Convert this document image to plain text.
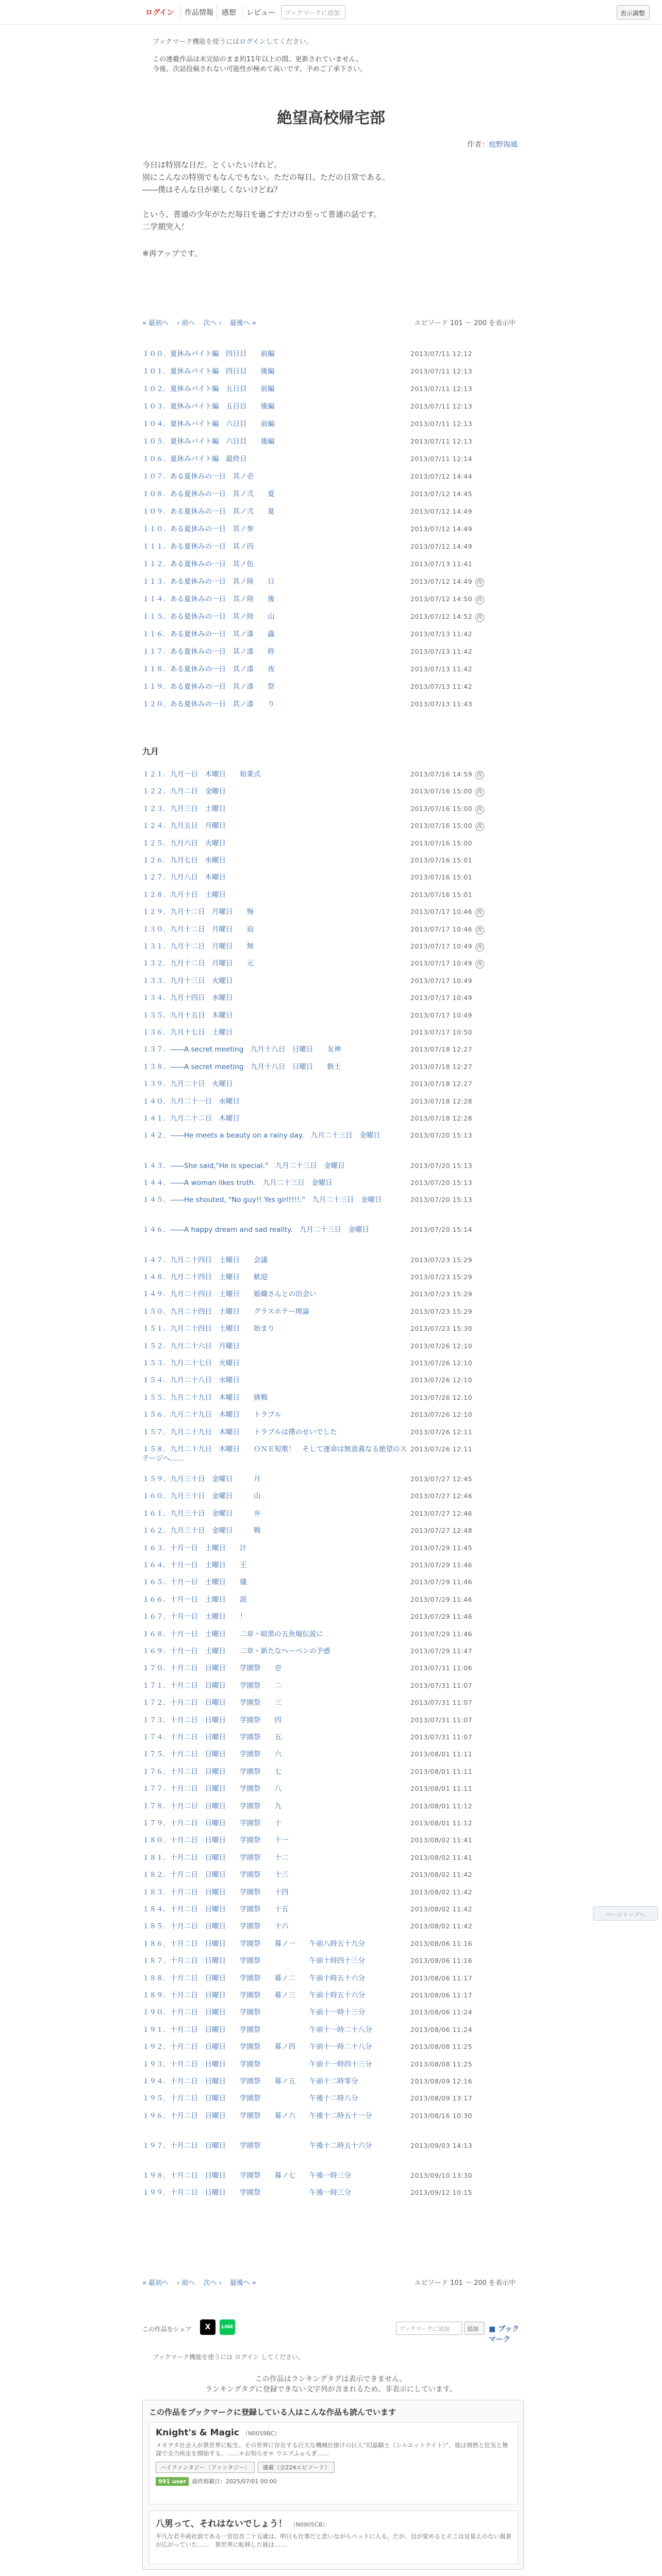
ログイン 作品情報 感想 レビュー	ブックマークに追加	表示調整
ブックマーク機能を使うにはログインしてください。
この連載作品は未完結のまま約11年以上の間、更新されていません。
今後、次話投稿されない可能性が極めて高いです。予めご了承下さい。
絶望高校帰宅部
作者：庭野海風

今日は特別な日だ。とくいたいけれど。
別にこんなの特別でもなんでもない。ただの毎日。ただの日常である。
――僕はそんな日が楽しくないけどね？

という、普通の少年がただ毎日を過ごすだけの至って普通の話です。
二学期突入！

※再アップです。

« 最初へ ‹ 前へ 次へ › 最後へ »	エピソード 101 ～ 200 を表示中
１００．夏休みバイト編　四日目　　前編	2013/07/11 12:12
１０１．夏休みバイト編　四日目　　後編	2013/07/11 12:13
１０２．夏休みバイト編　五日目　　前編	2013/07/11 12:13
１０３．夏休みバイト編　五日目　　後編	2013/07/11 12:13
１０４．夏休みバイト編　六日目　　前編	2013/07/11 12:13
１０５．夏休みバイト編　六日目　　後編	2013/07/11 12:13
１０６．夏休みバイト編　最終日	2013/07/11 12:14
１０７．ある夏休みの一日　其ノ壱	2013/07/12 14:44
１０８．ある夏休みの一日　其ノ弐　　夏	2013/07/12 14:45
１０９．ある夏休みの一日　其ノ弐　　夏	2013/07/12 14:49
１１０．ある夏休みの一日　其ノ参	2013/07/12 14:49
１１１．ある夏休みの一日　其ノ四	2013/07/12 14:49
１１２．ある夏休みの一日　其ノ伍	2013/07/13 11:41
１１３．ある夏休みの一日　其ノ陸　　日	2013/07/12 14:49 改
１１４．ある夏休みの一日　其ノ陸　　後	2013/07/12 14:50 改
１１５．ある夏休みの一日　其ノ陸　　山	2013/07/12 14:52 改
１１６．ある夏休みの一日　其ノ漆　　蟲	2013/07/13 11:42
１１７．ある夏休みの一日　其ノ漆　　終	2013/07/13 11:42
１１８．ある夏休みの一日　其ノ漆　　夜	2013/07/13 11:42
１１９．ある夏休みの一日　其ノ漆　　祭	2013/07/13 11:42
１２０．ある夏休みの一日　其ノ漆　　り	2013/07/13 11:43
九月
１２１．九月一日　木曜日　　始業式	2013/07/16 14:59 改
１２２．九月二日　金曜日	2013/07/16 15:00 改
１２３．九月三日　土曜日	2013/07/16 15:00 改
１２４．九月五日　月曜日	2013/07/16 15:00 改
１２５．九月六日　火曜日	2013/07/16 15:00
１２６．九月七日　水曜日	2013/07/16 15:01
１２７．九月八日　木曜日	2013/07/16 15:01
１２８．九月十日　土曜日	2013/07/16 15:01
１２９．九月十二日　月曜日　　悔	2013/07/17 10:46 改
１３０．九月十二日　月曜日　　迫	2013/07/17 10:46 改
１３１．九月十二日　月曜日　　無	2013/07/17 10:49 改
１３２．九月十二日　月曜日　　元	2013/07/17 10:49 改
１３３．九月十三日　火曜日	2013/07/17 10:49
１３４．九月十四日　水曜日	2013/07/17 10:49
１３５．九月十五日　木曜日	2013/07/17 10:49
１３６．九月十七日　土曜日	2013/07/17 10:50
１３７．――A secret meeting　九月十八日　日曜日　　友神	2013/07/18 12:27
１３８．――A secret meeting　九月十八日　日曜日　　骸士	2013/07/18 12:27
１３９．九月二十日　火曜日	2013/07/18 12:27
１４０．九月二十一日　水曜日	2013/07/18 12:28
１４１．九月二十二日　木曜日	2013/07/18 12:28
１４２．――He meets a beauty on a rainy day.　九月二十三日　金曜日	2013/07/20 15:13
１４３．――She said,"He is special."　九月二十三日　金曜日	2013/07/20 15:13
１４４．――A woman likes truth.　九月二十三日　金曜日	2013/07/20 15:13
１４５．――He shouted, "No guy!! Yes girl!!!!."　九月二十三日　金曜日	2013/07/20 15:13
１４６．――A happy dream and sad reality.　九月二十三日　金曜日	2013/07/20 15:14
１４７．九月二十四日　土曜日　　会議	2013/07/23 15:29
１４８．九月二十四日　土曜日　　歓迎	2013/07/23 15:29
１４９．九月二十四日　土曜日　　姫織さんとの出会い	2013/07/23 15:29
１５０．九月二十四日　土曜日　　グラスホテー理論	2013/07/23 15:29
１５１．九月二十四日　土曜日　　始まり	2013/07/23 15:30
１５２．九月二十六日　月曜日	2013/07/26 12:10
１５３．九月二十七日　火曜日	2013/07/26 12:10
１５４．九月二十八日　水曜日	2013/07/26 12:10
１５５．九月二十九日　木曜日　　挑戦	2013/07/26 12:10
１５６．九月二十九日　木曜日　　トラブル	2013/07/26 12:10
１５７．九月二十九日　木曜日　　トラブルは僕のせいでした	2013/07/26 12:11
１５８．九月二十九日　木曜日　　ＯＮＥ短歌！　そして運命は無意義なる絶望のステージへ……
2013/07/26 12:11
１５９．九月三十日　金曜日　　　月	2013/07/27 12:45
１６０．九月三十日　金曜日　　　山	2013/07/27 12:46
１６１．九月三十日　金曜日　　　弁	2013/07/27 12:46
１６２．九月三十日　金曜日　　　戦	2013/07/27 12:48
１６３．十月一日　土曜日　　汁	2013/07/29 11:45
１６４．十月一日　土曜日　　王	2013/07/29 11:46
１６５．十月一日　土曜日　　儀	2013/07/29 11:46
１６６．十月一日　土曜日　　説	2013/07/29 11:46
１６７．十月一日　土曜日　　！	2013/07/29 11:46
１６８．十月一日　土曜日　　二章・暗黒の五魚堀伝説に	2013/07/29 11:46
１６９．十月一日　土曜日　　二章・新たなヘーベンの予感	2013/07/29 11:47
１７０．十月二日　日曜日　　学園祭　　壱	2013/07/31 11:06
１７１．十月二日　日曜日　　学園祭　　二	2013/07/31 11:07
１７２．十月二日　日曜日　　学園祭　　三	2013/07/31 11:07
１７３．十月二日　日曜日　　学園祭　　四	2013/07/31 11:07
１７４．十月二日　日曜日　　学園祭　　五	2013/07/31 11:07
１７５．十月二日　日曜日　　学園祭　　六	2013/08/01 11:11
１７６．十月二日　日曜日　　学園祭　　七	2013/08/01 11:11
１７７．十月二日　日曜日　　学園祭　　八	2013/08/01 11:11
１７８．十月二日　日曜日　　学園祭　　九	2013/08/01 11:12
１７９．十月二日　日曜日　　学園祭　　十	2013/08/01 11:12
１８０．十月二日　日曜日　　学園祭　　十一	2013/08/02 11:41
１８１．十月二日　日曜日　　学園祭　　十二	2013/08/02 11:41
１８２．十月二日　日曜日　　学園祭　　十三	2013/08/02 11:42
１８３．十月二日　日曜日　　学園祭　　十四	2013/08/02 11:42
１８４．十月二日　日曜日　　学園祭　　十五	2013/08/02 11:42
１８５．十月二日　日曜日　　学園祭　　十六	2013/08/02 11:42
１８６．十月二日　日曜日　　学園祭　　幕ノ一　　午前八時五十九分	2013/08/06 11:16
１８７．十月二日　日曜日　　学園祭　　　　　　　午前十時四十三分	2013/08/06 11:16
１８８．十月二日　日曜日　　学園祭　　幕ノ二　　午前十時五十六分	2013/08/06 11:17
１８９．十月二日　日曜日　　学園祭　　幕ノ三　　午前十時五十六分	2013/08/06 11:17
１９０．十月二日　日曜日　　学園祭　　　　　　　午前十一時十三分	2013/08/06 11:24
１９１．十月二日　日曜日　　学園祭　　　　　　　午前十一時二十八分	2013/08/06 11:24
１９２．十月二日　日曜日　　学園祭　　幕ノ四　　午前十一時二十八分	2013/08/08 11:25
１９３．十月二日　日曜日　　学園祭　　　　　　　午前十一時四十三分	2013/08/08 11:25
１９４．十月二日　日曜日　　学園祭　　幕ノ五　　午前十二時零分	2013/08/09 12:16
１９５．十月二日　日曜日　　学園祭　　　　　　　午後十二時八分	2013/08/09 13:17
１９６．十月二日　日曜日　　学園祭　　幕ノ六　　午後十二時五十一分	2013/08/16 10:30
１９７．十月二日　日曜日　　学園祭　　　　　　　午後十二時五十六分	2013/09/03 14:13
１９８．十月二日　日曜日　　学園祭　　幕ノ七　　午後一時三分	2013/09/10 13:30
１９９．十月二日　日曜日　　学園祭　　　　　　　午後一時三分	2013/09/12 10:15
« 最初へ ‹ 前へ 次へ › 最後へ »	エピソード 101 ～ 200 を表示中
ページトップへ
この作品をシェア	X	LINE	ブックマークに追加	追加	■ ブックマーク
ブックマーク機能を使うには ログイン してください。
この作品はランキングタグは表示できません。
ランキングタグに登録できない文字列が含まれるため、非表示にしています。
この作品をブックマークに登録している人はこんな作品も読んでいます
Knight's & Magic （N0059BC）
メカヲタ社会人が異世界に転生。その世界に存在する巨大な機械仕掛けの巨人“幻晶騎士（シルエットナイト）”、彼は情熱と狂気と無謀で全力疾走を開始する。……＊お知らせ＊ ウエブふぉらぎ……
ハイファンタジー〔ファンタジー〕 連載（全224エピソード）
991 user 最終掲載日：2025/07/01 00:00
八男って、それはないでしょう！ （N0905CB）
平凡な若手商社員である一宮信吾二十五歳は、明日も仕事だと思いながらベッドに入る。だが、目が覚めるとそこは見覚えのない風景が広がっていた……　異世界に転移した彼は……
